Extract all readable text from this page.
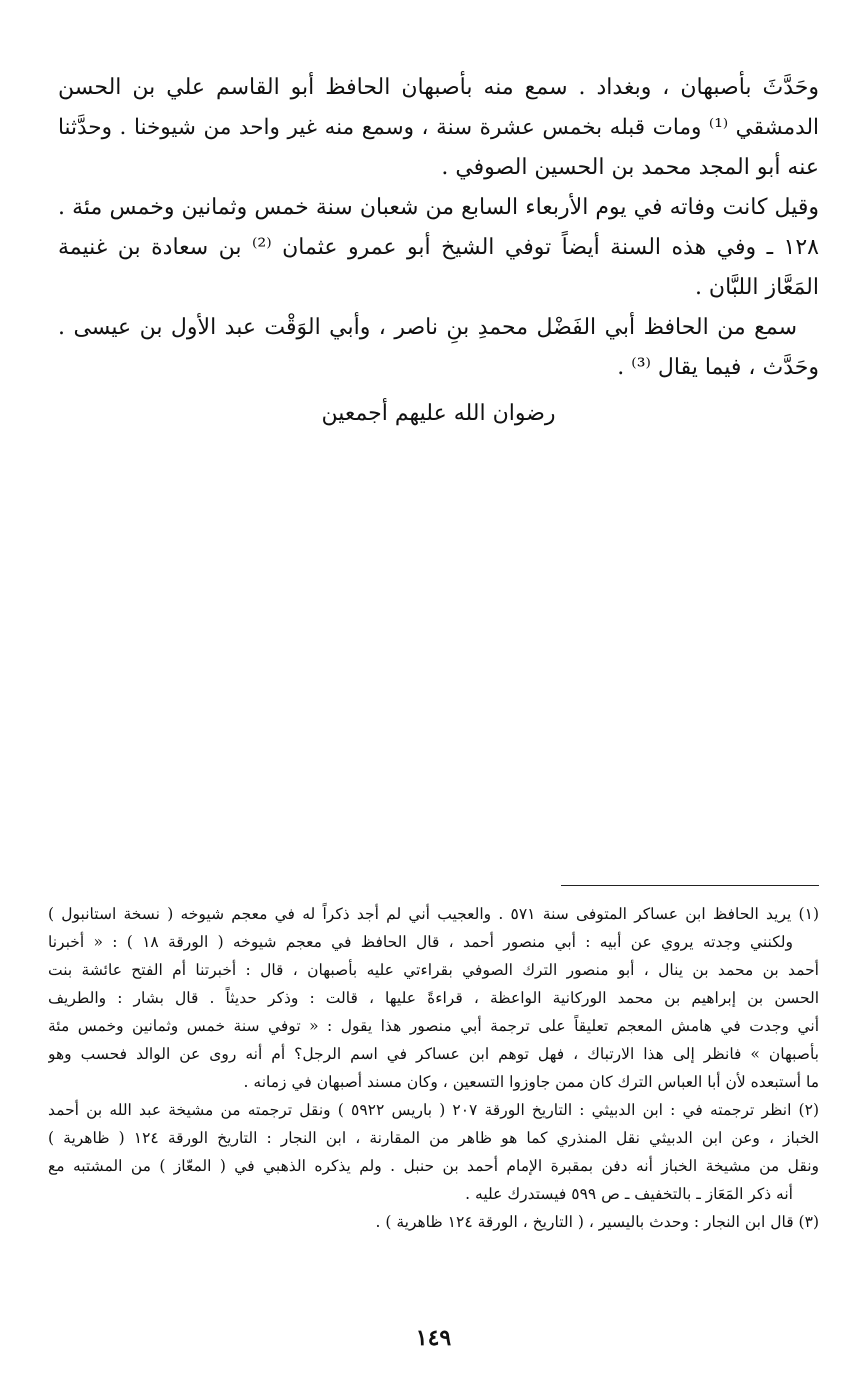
وحَدَّثَ بأصبهان ، وبغداد . سمع منه بأصبهان الحافظ أبو القاسم علي بن الحسن
الدمشقي ⁽¹⁾ ومات قبله بخمس عشرة سنة ، وسمع منه غير واحد من شيوخنا . وحدَّثنا
عنه أبو المجد محمد بن الحسين الصوفي .
وقيل كانت وفاته في يوم الأربعاء السابع من شعبان سنة خمس وثمانين وخمس مئة .
١٢٨ ـ وفي هذه السنة أيضاً توفي الشيخ أبو عمرو عثمان ⁽²⁾ بن سعادة بن غنيمة
المَعَّاز اللبَّان .
سمع من الحافظ أبي الفَضْل محمدِ بنِ ناصر ، وأبي الوَقْت عبد الأول بن عيسى .
وحَدَّث ، فيما يقال ⁽³⁾ .
رضوان الله عليهم أجمعين
(١) يريد الحافظ ابن عساكر المتوفى سنة ٥٧١ . والعجيب أني لم أجد ذكراً له في معجم شيوخه ( نسخة استانبول )
ولكنني وجدته يروي عن أبيه : أبي منصور أحمد ، قال الحافظ في معجم شيوخه ( الورقة ١٨ ) : « أخبرنا
أحمد بن محمد بن ينال ، أبو منصور الترك الصوفي بقراءتي عليه بأصبهان ، قال : أخبرتنا أم الفتح عائشة بنت
الحسن بن إبراهيم بن محمد الوركانية الواعظة ، قراءةً عليها ، قالت : وذكر حديثاً . قال بشار : والطريف
أني وجدت في هامش المعجم تعليقاً على ترجمة أبي منصور هذا يقول : « توفي سنة خمس وثمانين وخمس مئة
بأصبهان » فانظر إلى هذا الارتباك ، فهل توهم ابن عساكر في اسم الرجل؟ أم أنه روى عن الوالد فحسب وهو
ما أستبعده لأن أبا العباس الترك كان ممن جاوزوا التسعين ، وكان مسند أصبهان في زمانه .
(٢) انظر ترجمته في : ابن الدبيثي : التاريخ الورقة ٢٠٧ ( باريس ٥٩٢٢ ) ونقل ترجمته من مشيخة عبد الله بن أحمد
الخباز ، وعن ابن الدبيثي نقل المنذري كما هو ظاهر من المقارنة ، ابن النجار : التاريخ الورقة ١٢٤ ( ظاهرية )
ونقل من مشيخة الخباز أنه دفن بمقبرة الإمام أحمد بن حنبل . ولم يذكره الذهبي في ( المعّاز ) من المشتبه مع
أنه ذكر المَعَاز ـ بالتخفيف ـ ص ٥٩٩ فيستدرك عليه .
(٣) قال ابن النجار : وحدث باليسير ، ( التاريخ ، الورقة ١٢٤ ظاهرية ) .
١٤٩
